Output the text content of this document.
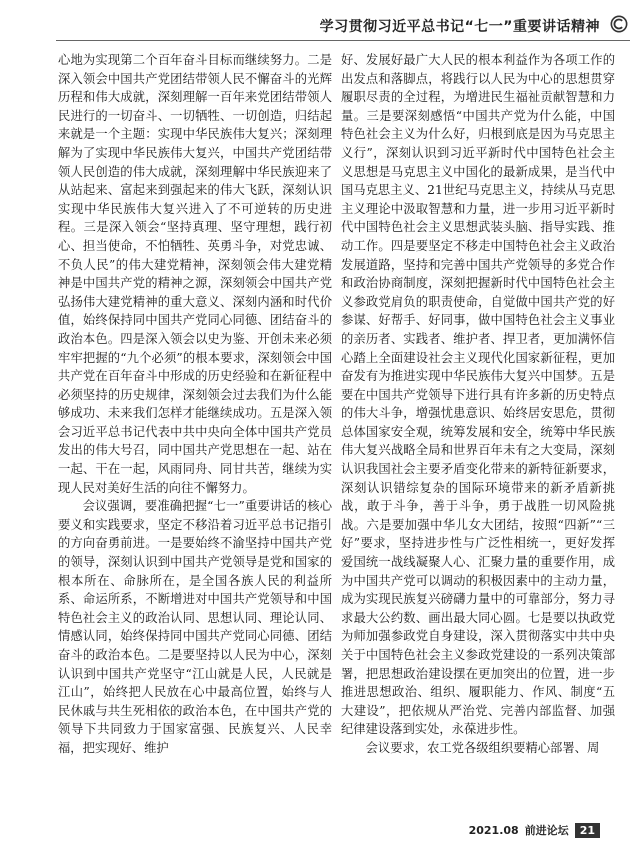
学习贯彻习近平总书记“七一”重要讲话精神

心地为实现第二个百年奋斗目标而继续努力。二是深入领会中国共产党团结带领人民不懈奋斗的光辉历程和伟大成就，深刻理解一百年来党团结带领人民进行的一切奋斗、一切牺牲、一切创造，归结起来就是一个主题：实现中华民族伟大复兴；深刻理解为了实现中华民族伟大复兴，中国共产党团结带领人民创造的伟大成就，深刻理解中华民族迎来了从站起来、富起来到强起来的伟大飞跃，深刻认识实现中华民族伟大复兴进入了不可逆转的历史进程。三是深入领会“坚持真理、坚守理想，践行初心、担当使命，不怕牺牲、英勇斗争，对党忠诚、不负人民”的伟大建党精神，深刻领会伟大建党精神是中国共产党的精神之源，深刻领会中国共产党弘扬伟大建党精神的重大意义、深刻内涵和时代价值，始终保持同中国共产党同心同德、团结奋斗的政治本色。四是深入领会以史为鉴、开创未来必须牢牢把握的“九个必须”的根本要求，深刻领会中国共产党在百年奋斗中形成的历史经验和在新征程中必须坚持的历史规律，深刻领会过去我们为什么能够成功、未来我们怎样才能继续成功。五是深入领会习近平总书记代表中共中央向全体中国共产党员发出的伟大号召，同中国共产党思想在一起、站在一起、干在一起，风雨同舟、同甘共苦，继续为实现人民对美好生活的向往不懈努力。

会议强调，要准确把握“七一”重要讲话的核心要义和实践要求，坚定不移沿着习近平总书记指引的方向奋勇前进。一是要始终不渝坚持中国共产党的领导，深刻认识到中国共产党领导是党和国家的根本所在、命脉所在，是全国各族人民的利益所系、命运所系，不断增进对中国共产党领导和中国特色社会主义的政治认同、思想认同、理论认同、情感认同，始终保持同中国共产党同心同德、团结奋斗的政治本色。二是要坚持以人民为中心，深刻认识到中国共产党坚守“江山就是人民，人民就是江山”，始终把人民放在心中最高位置，始终与人民休戚与共生死相依的政治本色，在中国共产党的领导下共同致力于国家富强、民族复兴、人民幸福，把实现好、维护

好、发展好最广大人民的根本利益作为各项工作的出发点和落脚点，将践行以人民为中心的思想贯穿履职尽责的全过程，为增进民生福祉贡献智慧和力量。三是要深刻感悟“中国共产党为什么能，中国特色社会主义为什么好，归根到底是因为马克思主义行”，深刻认识到习近平新时代中国特色社会主义思想是马克思主义中国化的最新成果，是当代中国马克思主义、21世纪马克思主义，持续从马克思主义理论中汲取智慧和力量，进一步用习近平新时代中国特色社会主义思想武装头脑、指导实践、推动工作。四是要坚定不移走中国特色社会主义政治发展道路，坚持和完善中国共产党领导的多党合作和政治协商制度，深刻把握新时代中国特色社会主义参政党肩负的职责使命，自觉做中国共产党的好参谋、好帮手、好同事，做中国特色社会主义事业的亲历者、实践者、维护者、捍卫者，更加满怀信心踏上全面建设社会主义现代化国家新征程，更加奋发有为推进实现中华民族伟大复兴中国梦。五是要在中国共产党领导下进行具有许多新的历史特点的伟大斗争，增强忧患意识、始终居安思危，贯彻总体国家安全观，统筹发展和安全，统筹中华民族伟大复兴战略全局和世界百年未有之大变局，深刻认识我国社会主要矛盾变化带来的新特征新要求，深刻认识错综复杂的国际环境带来的新矛盾新挑战，敢于斗争，善于斗争，勇于战胜一切风险挑战。六是要加强中华儿女大团结，按照“四新”“三好”要求，坚持进步性与广泛性相统一，更好发挥爱国统一战线凝聚人心、汇聚力量的重要作用，成为中国共产党可以调动的积极因素中的主动力量，成为实现民族复兴磅礴力量中的可靠部分，努力寻求最大公约数、画出最大同心圆。七是要以执政党为师加强参政党自身建设，深入贯彻落实中共中央关于中国特色社会主义参政党建设的一系列决策部署，把思想政治建设摆在更加突出的位置，进一步推进思想政治、组织、履职能力、作风、制度“五大建设”，把依规从严治党、完善内部监督、加强纪律建设落到实处，永葆进步性。

会议要求，农工党各级组织要精心部署、周

2021.08 前进论坛	21
